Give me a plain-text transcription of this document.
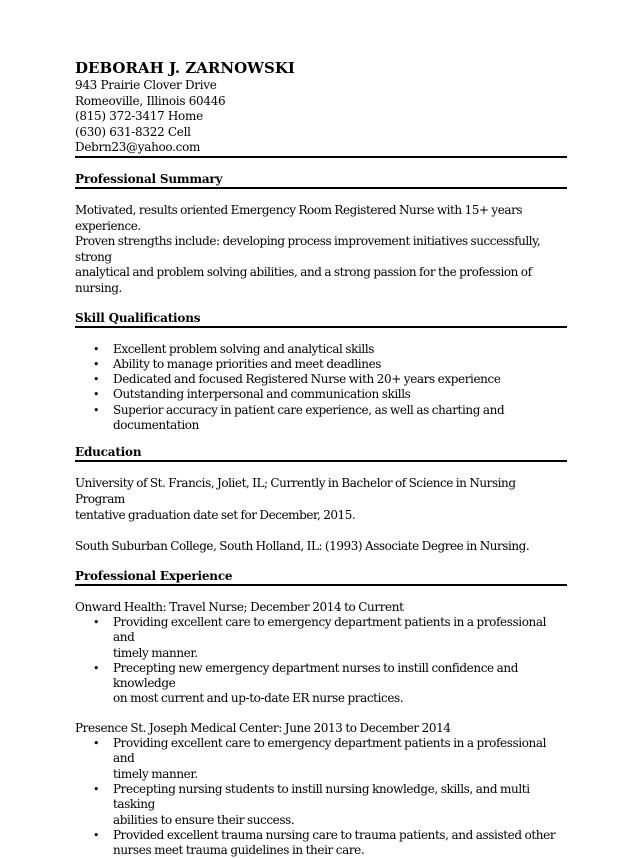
DEBORAH J. ZARNOWSKI

943 Prairie Clover Drive

Romeoville, Illinois 60446

(815) 372-3417 Home

(630) 631-8322 Cell

Debrn23@yahoo.com

Professional Summary

Motivated, results oriented Emergency Room Registered Nurse with 15+ years experience.

Proven strengths include: developing process improvement initiatives successfully, strong

analytical and problem solving abilities, and a strong passion for the profession of nursing.

Skill Qualifications

• Excellent problem solving and analytical skills
• Ability to manage priorities and meet deadlines
• Dedicated and focused Registered Nurse with 20+ years experience
• Outstanding interpersonal and communication skills
• Superior accuracy in patient care experience, as well as charting and documentation

Education

University of St. Francis, Joliet, IL; Currently in Bachelor of Science in Nursing Program

tentative graduation date set for December, 2015.

South Suburban College, South Holland, IL: (1993) Associate Degree in Nursing.

Professional Experience

Onward Health: Travel Nurse; December 2014 to Current

• Providing excellent care to emergency department patients in a professional and
timely manner.
• Precepting new emergency department nurses to instill confidence and knowledge
on most current and up-to-date ER nurse practices.

Presence St. Joseph Medical Center: June 2013 to December 2014

• Providing excellent care to emergency department patients in a professional and
timely manner.
• Precepting nursing students to instill nursing knowledge, skills, and multi tasking
abilities to ensure their success.
• Provided excellent trauma nursing care to trauma patients, and assisted other
nurses meet trauma guidelines in their care.
